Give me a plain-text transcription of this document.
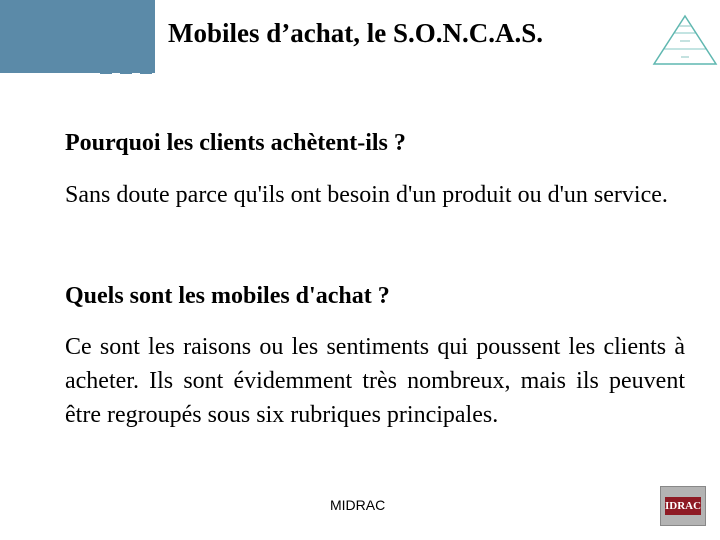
Mobiles d’achat, le S.O.N.C.A.S.
Pourquoi les clients achètent-ils ?
Sans doute parce qu'ils ont besoin d'un produit ou d'un service.
Quels sont les mobiles d'achat ?
Ce sont les raisons ou les sentiments qui poussent les clients à acheter. Ils sont évidemment très nombreux, mais ils peuvent être regroupés sous six rubriques principales.
MIDRAC	IDRAC
